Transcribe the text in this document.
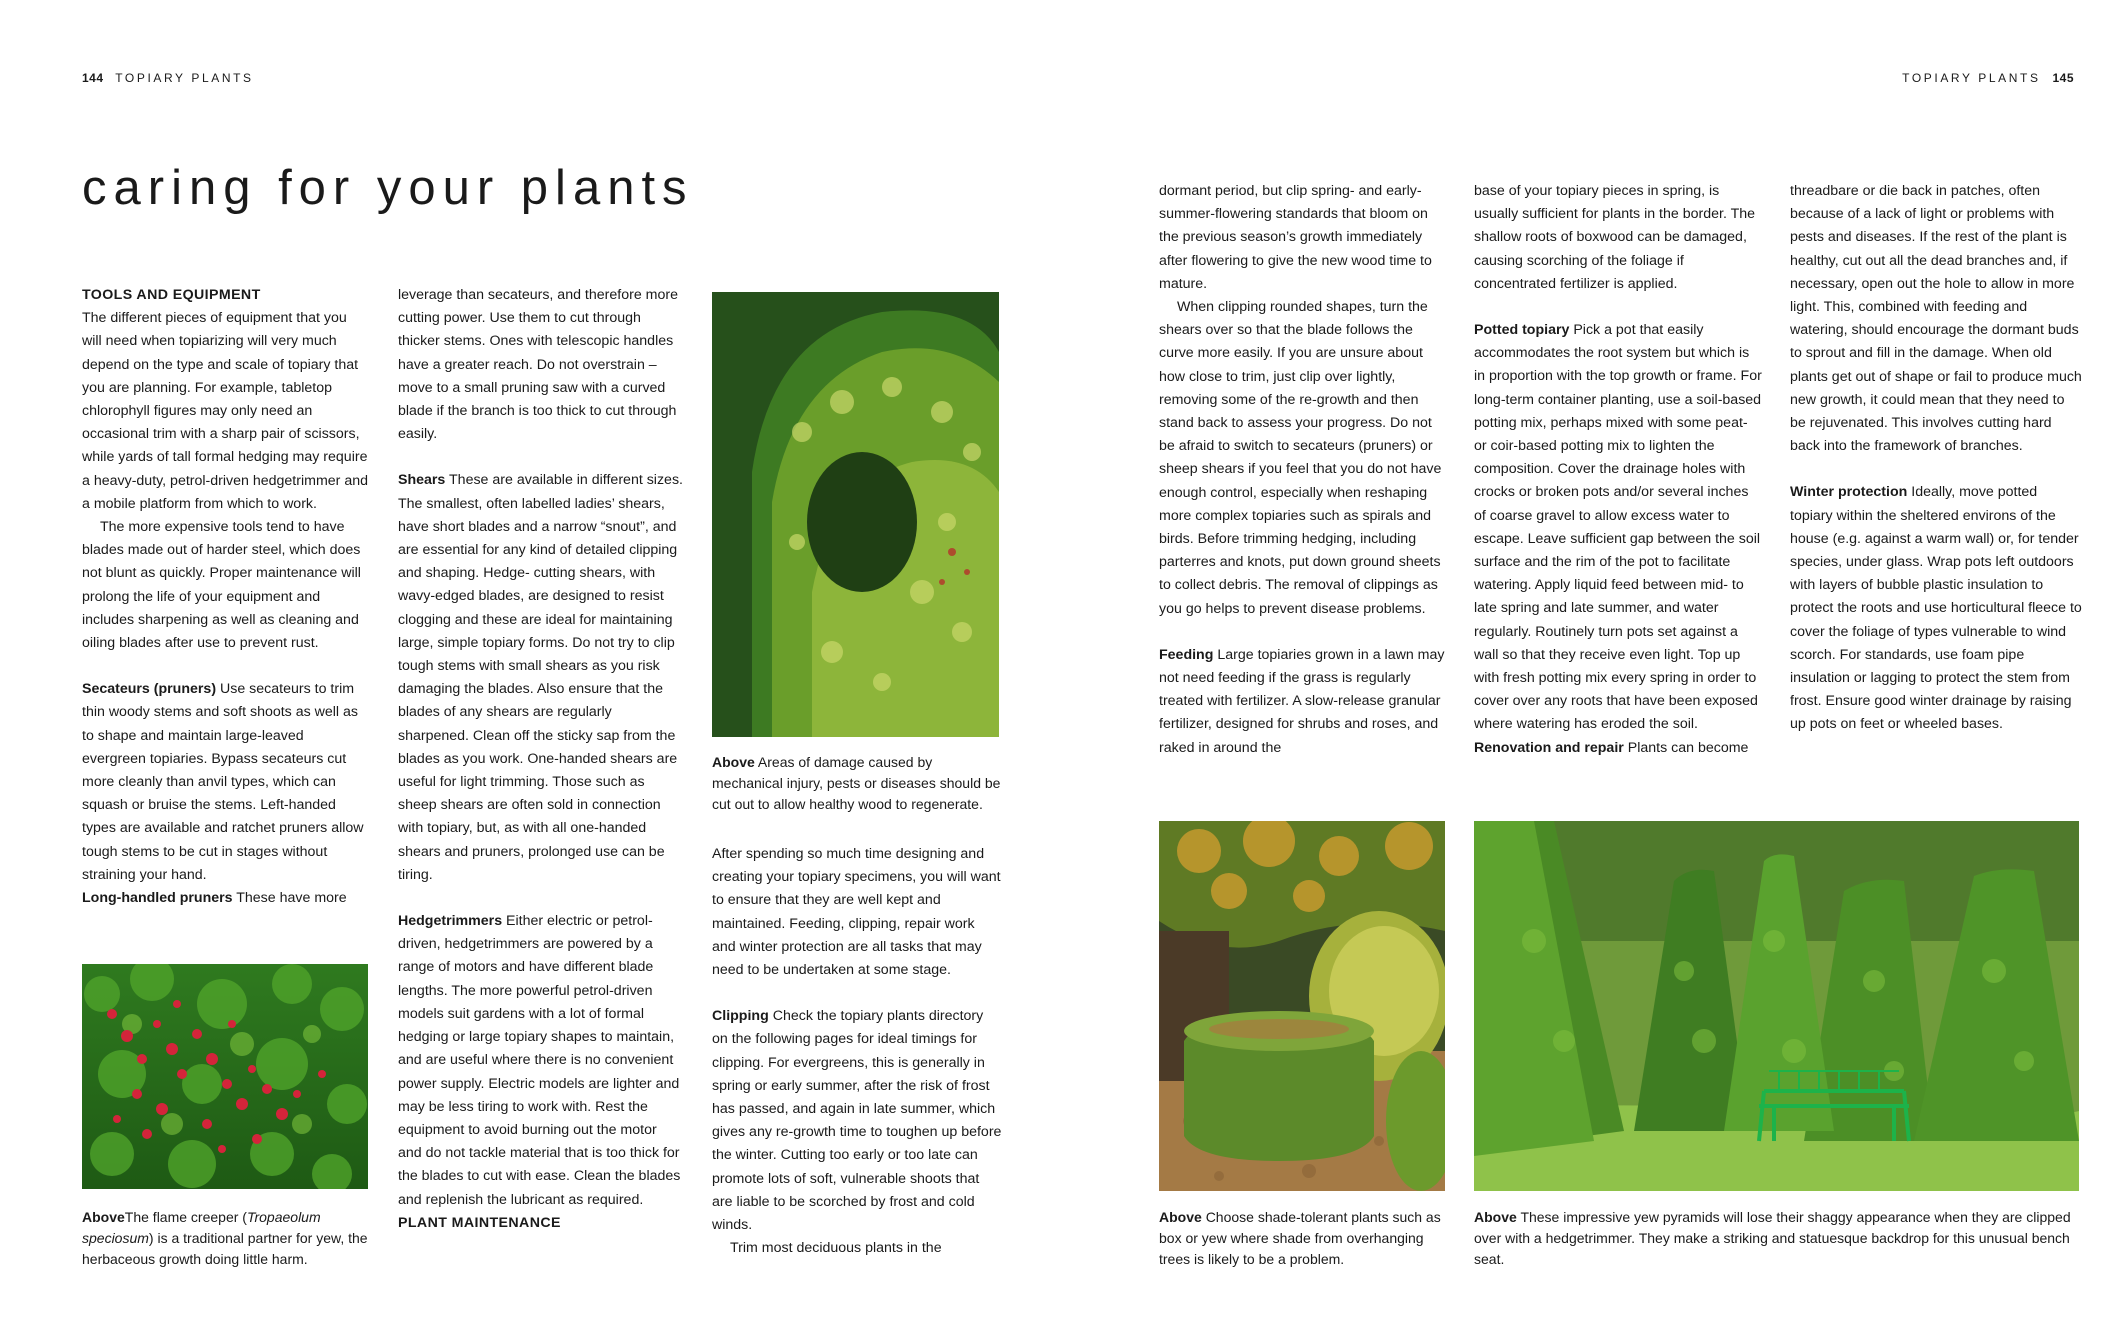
144 TOPIARY PLANTS
caring for your plants

TOOLS AND EQUIPMENT

The different pieces of equipment that you will need when topiarizing will very much depend on the type and scale of topiary that you are planning. For example, tabletop chlorophyll figures may only need an occasional trim with a sharp pair of scissors, while yards of tall formal hedging may require a heavy-duty, petrol-driven hedgetrimmer and a mobile platform from which to work.

The more expensive tools tend to have blades made out of harder steel, which does not blunt as quickly. Proper maintenance will prolong the life of your equipment and includes sharpening as well as cleaning and oiling blades after use to prevent rust.

Secateurs (pruners) Use secateurs to trim thin woody stems and soft shoots as well as to shape and maintain large-leaved evergreen topiaries. Bypass secateurs cut more cleanly than anvil types, which can squash or bruise the stems. Left-handed types are available and ratchet pruners allow tough stems to be cut in stages without straining your hand.

Long-handled pruners These have more

AboveThe flame creeper (Tropaeolum speciosum) is a traditional partner for yew, the herbaceous growth doing little harm.

leverage than secateurs, and therefore more cutting power. Use them to cut through thicker stems. Ones with telescopic handles have a greater reach. Do not overstrain – move to a small pruning saw with a curved blade if the branch is too thick to cut through easily.

Shears These are available in different sizes. The smallest, often labelled ladies’ shears, have short blades and a narrow “snout”, and are essential for any kind of detailed clipping and shaping. Hedge- cutting shears, with wavy-edged blades, are designed to resist clogging and these are ideal for maintaining large, simple topiary forms. Do not try to clip tough stems with small shears as you risk damaging the blades. Also ensure that the blades of any shears are regularly sharpened. Clean off the sticky sap from the blades as you work. One-handed shears are useful for light trimming. Those such as sheep shears are often sold in connection with topiary, but, as with all one-handed shears and pruners, prolonged use can be tiring.

Hedgetrimmers Either electric or petrol-driven, hedgetrimmers are powered by a range of motors and have different blade lengths. The more powerful petrol-driven models suit gardens with a lot of formal hedging or large topiary shapes to maintain, and are useful where there is no convenient power supply. Electric models are lighter and may be less tiring to work with. Rest the equipment to avoid burning out the motor and do not tackle material that is too thick for the blades to cut with ease. Clean the blades and replenish the lubricant as required.

PLANT MAINTENANCE

Above Areas of damage caused by mechanical injury, pests or diseases should be cut out to allow healthy wood to regenerate.

After spending so much time designing and creating your topiary specimens, you will want to ensure that they are well kept and maintained. Feeding, clipping, repair work and winter protection are all tasks that may need to be undertaken at some stage.

Clipping Check the topiary plants directory on the following pages for ideal timings for clipping. For evergreens, this is generally in spring or early summer, after the risk of frost has passed, and again in late summer, which gives any re-growth time to toughen up before the winter. Cutting too early or too late can promote lots of soft, vulnerable shoots that are liable to be scorched by frost and cold winds.

Trim most deciduous plants in the

TOPIARY PLANTS 145

dormant period, but clip spring- and early-summer-flowering standards that bloom on the previous season’s growth immediately after flowering to give the new wood time to mature.

When clipping rounded shapes, turn the shears over so that the blade follows the curve more easily. If you are unsure about how close to trim, just clip over lightly, removing some of the re-growth and then stand back to assess your progress. Do not be afraid to switch to secateurs (pruners) or sheep shears if you feel that you do not have enough control, especially when reshaping more complex topiaries such as spirals and birds. Before trimming hedging, including parterres and knots, put down ground sheets to collect debris. The removal of clippings as you go helps to prevent disease problems.

Feeding Large topiaries grown in a lawn may not need feeding if the grass is regularly treated with fertilizer. A slow-release granular fertilizer, designed for shrubs and roses, and raked in around the

base of your topiary pieces in spring, is usually sufficient for plants in the border. The shallow roots of boxwood can be damaged, causing scorching of the foliage if concentrated fertilizer is applied.

Potted topiary Pick a pot that easily accommodates the root system but which is in proportion with the top growth or frame. For long-term container planting, use a soil-based potting mix, perhaps mixed with some peat- or coir-based potting mix to lighten the composition. Cover the drainage holes with crocks or broken pots and/or several inches of coarse gravel to allow excess water to escape. Leave sufficient gap between the soil surface and the rim of the pot to facilitate watering. Apply liquid feed between mid- to late spring and late summer, and water regularly. Routinely turn pots set against a wall so that they receive even light. Top up with fresh potting mix every spring in order to cover over any roots that have been exposed where watering has eroded the soil.

Renovation and repair Plants can become

threadbare or die back in patches, often because of a lack of light or problems with pests and diseases. If the rest of the plant is healthy, cut out all the dead branches and, if necessary, open out the hole to allow in more light. This, combined with feeding and watering, should encourage the dormant buds to sprout and fill in the damage. When old plants get out of shape or fail to produce much new growth, it could mean that they need to be rejuvenated. This involves cutting hard back into the framework of branches.

Winter protection Ideally, move potted topiary within the sheltered environs of the house (e.g. against a warm wall) or, for tender species, under glass. Wrap pots left outdoors with layers of bubble plastic insulation to protect the roots and use horticultural fleece to cover the foliage of types vulnerable to wind scorch. For standards, use foam pipe insulation or lagging to protect the stem from frost. Ensure good winter drainage by raising up pots on feet or wheeled bases.

Above Choose shade-tolerant plants such as box or yew where shade from overhanging trees is likely to be a problem.
Above These impressive yew pyramids will lose their shaggy appearance when they are clipped over with a hedgetrimmer. They make a striking and statuesque backdrop for this unusual bench seat.
